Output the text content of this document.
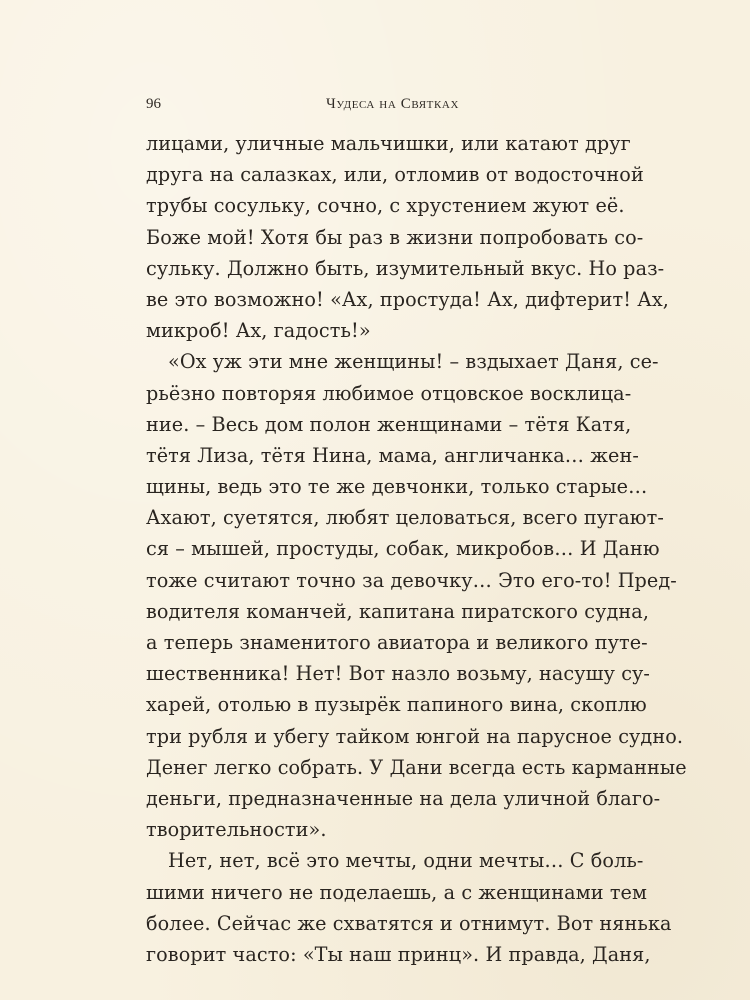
96	Чудеса на Святках
лицами, уличные мальчишки, или катают друг
друга на салазках, или, отломив от водосточной
трубы сосульку, сочно, с хрустением жуют её.
Боже мой! Хотя бы раз в жизни попробовать со-
сульку. Должно быть, изумительный вкус. Но раз-
ве это возможно! «Ах, простуда! Ах, дифтерит! Ах,
микроб! Ах, гадость!»
«Ох уж эти мне женщины! – вздыхает Даня, се-
рьёзно повторяя любимое отцовское восклица-
ние. – Весь дом полон женщинами – тётя Катя,
тётя Лиза, тётя Нина, мама, англичанка… жен-
щины, ведь это те же девчонки, только старые…
Ахают, суетятся, любят целоваться, всего пугают-
ся – мышей, простуды, собак, микробов… И Даню
тоже считают точно за девочку… Это его-то! Пред-
водителя команчей, капитана пиратского судна,
а теперь знаменитого авиатора и великого путе-
шественника! Нет! Вот назло возьму, насушу су-
харей, отолью в пузырёк папиного вина, скоплю
три рубля и убегу тайком юнгой на парусное судно.
Денег легко собрать. У Дани всегда есть карманные
деньги, предназначенные на дела уличной благо-
творительности».
Нет, нет, всё это мечты, одни мечты… С боль-
шими ничего не поделаешь, а с женщинами тем
более. Сейчас же схватятся и отнимут. Вот нянька
говорит часто: «Ты наш принц». И правда, Даня,
